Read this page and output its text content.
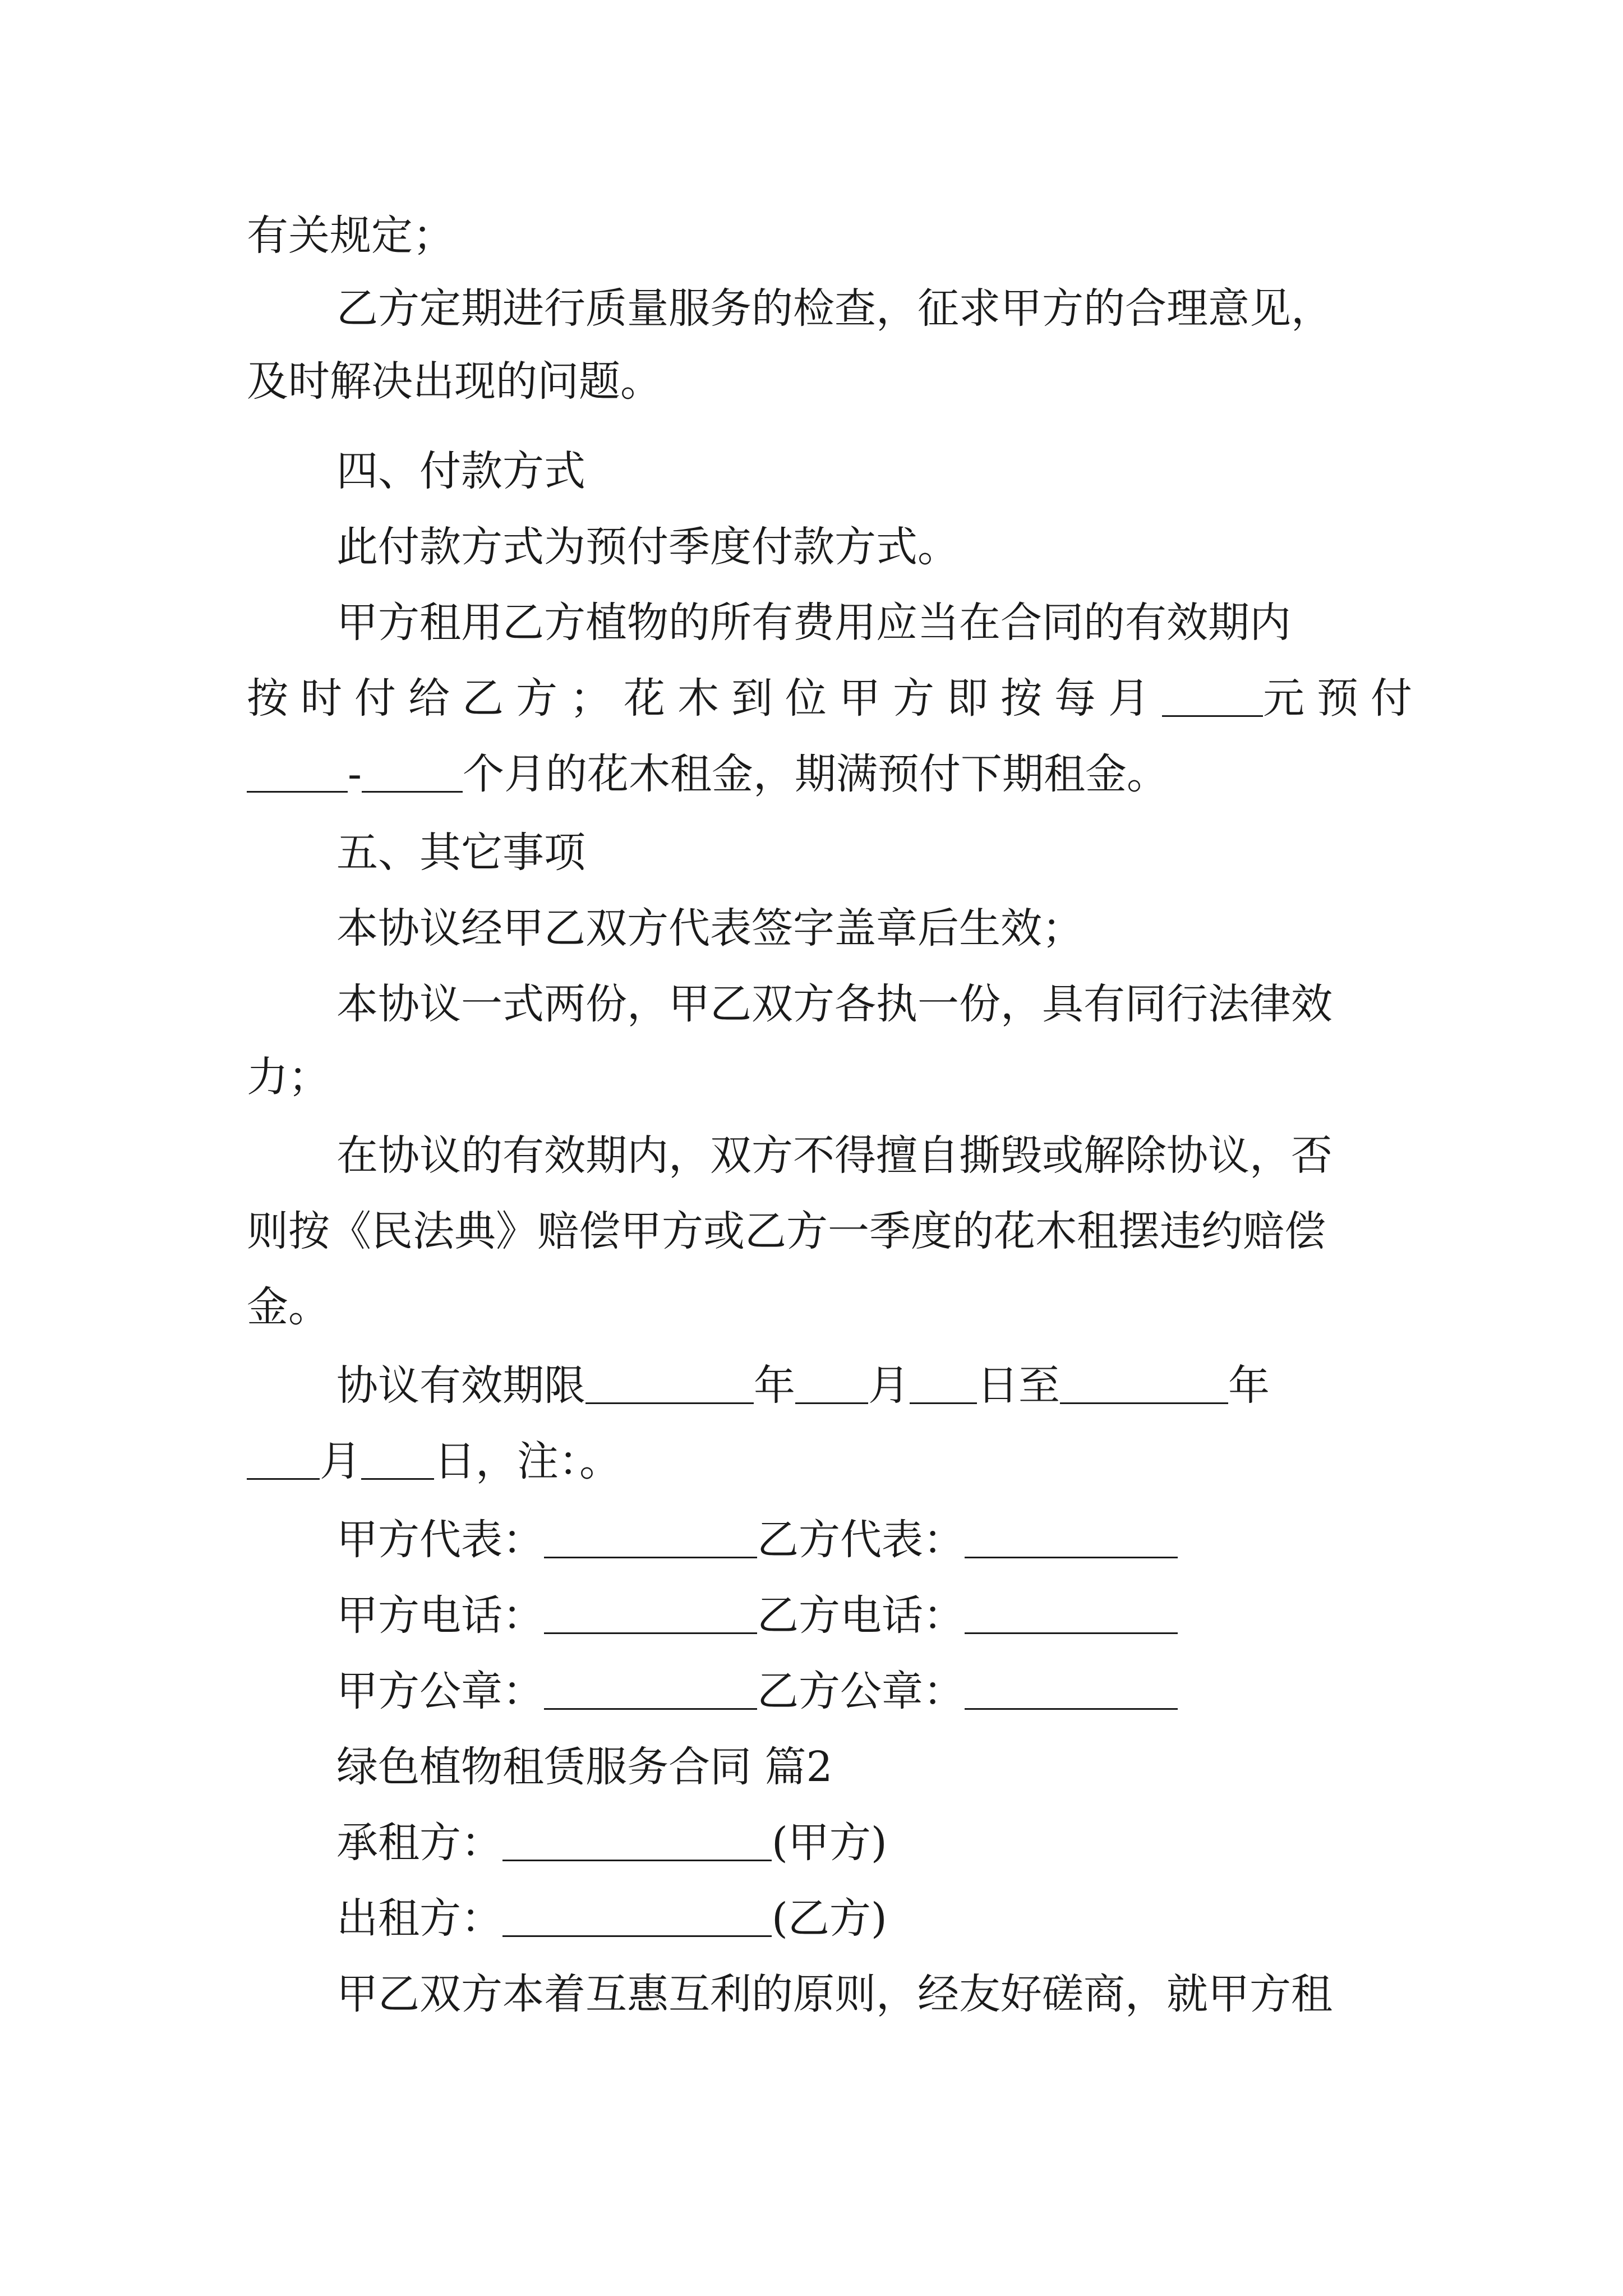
有关规定；
乙方定期进行质量服务的检查，征求甲方的合理意见，
及时解决出现的问题。
四、付款方式
此付款方式为预付季度付款方式。
甲方租用乙方植物的所有费用应当在合同的有效期内
按时付给乙方；花木到位甲方即按每月 元预付
- 个月的花木租金，期满预付下期租金。
五、其它事项
本协议经甲乙双方代表签字盖章后生效；
本协议一式两份，甲乙双方各执一份，具有同行法律效
力；
在协议的有效期内，双方不得擅自撕毁或解除协议，否
则按《民法典》赔偿甲方或乙方一季度的花木租摆违约赔偿
金。
协议有效期限	年 月 日至	年
月 日，注：。
甲方代表：	乙方代表：
甲方电话：	乙方电话：
甲方公章：	乙方公章：
绿色植物租赁服务合同 篇2
承租方：	(甲方)
出租方：	(乙方)
甲乙双方本着互惠互利的原则，经友好磋商，就甲方租
